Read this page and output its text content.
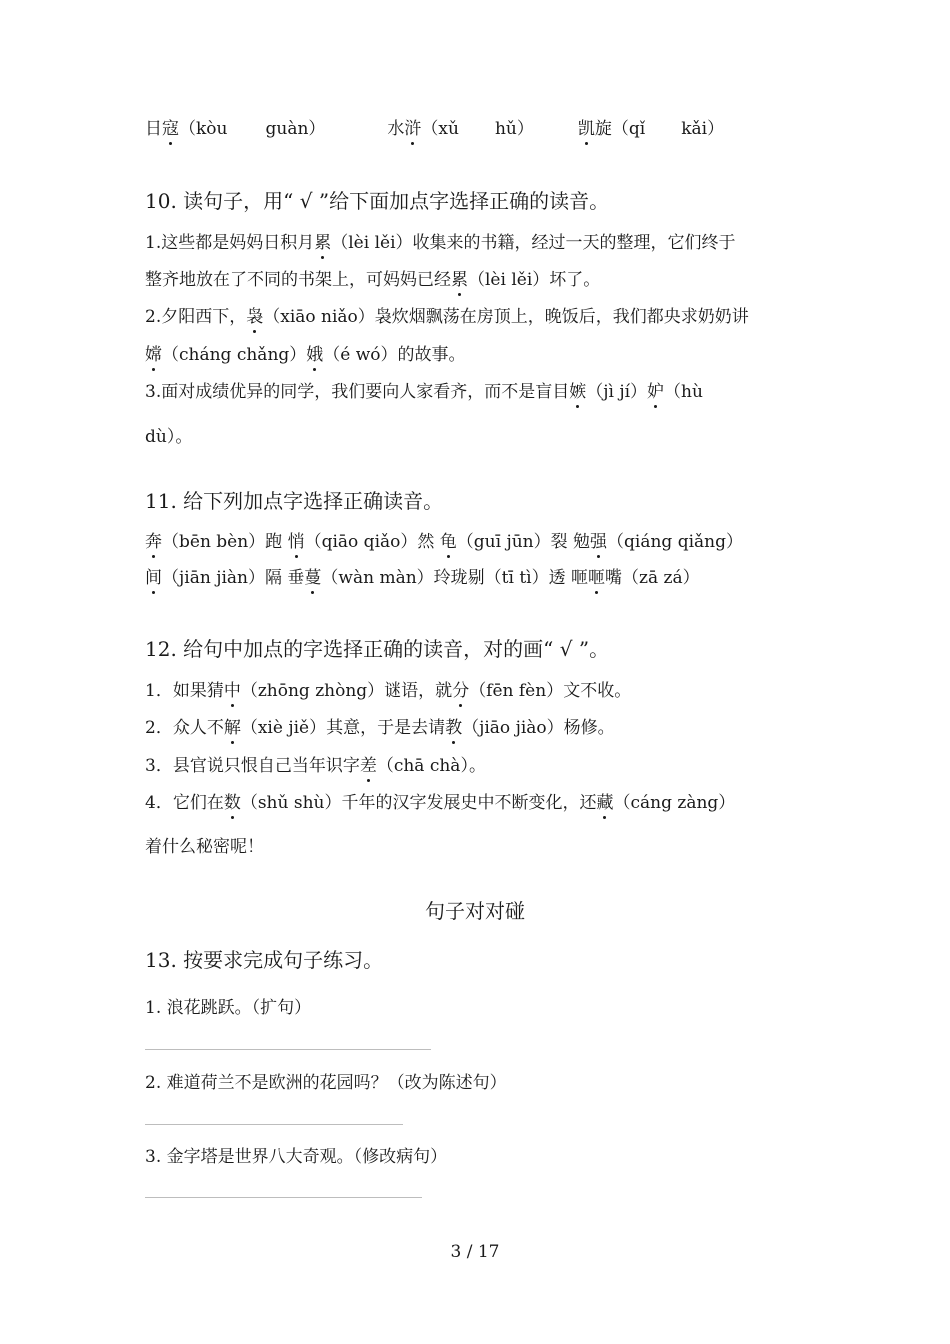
日寇（kòu guàn）	水浒（xǔ hǔ）	凯旋（qǐ kǎi）
10. 读句子，用“ √ ”给下面加点字选择正确的读音。
1.这些都是妈妈日积月累（lèi lěi）收集来的书籍，经过一天的整理，它们终于
整齐地放在了不同的书架上，可妈妈已经累（lèi lěi）坏了。
2.夕阳西下，袅（xiāo niǎo）袅炊烟飘荡在房顶上，晚饭后，我们都央求奶奶讲
嫦（cháng chǎng）娥（é wó）的故事。
3.面对成绩优异的同学，我们要向人家看齐，而不是盲目嫉（jì jí）妒（hù
dù）。
11. 给下列加点字选择正确读音。
奔（bēn bèn）跑 悄（qiāo qiǎo）然 龟（guī jūn）裂 勉强（qiáng qiǎng）
间（jiān jiàn）隔 垂蔓（wàn màn）玲珑剔（tī tì）透 咂咂嘴（zā zá）
12. 给句中加点的字选择正确的读音，对的画“ √ ”。
1．如果猜中（zhōng zhòng）谜语，就分（fēn fèn）文不收。
2．众人不解（xiè jiě）其意，于是去请教（jiāo jiào）杨修。
3．县官说只恨自己当年识字差（chā chà）。
4．它们在数（shǔ shù）千年的汉字发展史中不断变化，还藏（cáng zàng）
着什么秘密呢！
句子对对碰
13. 按要求完成句子练习。
1. 浪花跳跃。（扩句）
2. 难道荷兰不是欧洲的花园吗？（改为陈述句）
3. 金字塔是世界八大奇观。（修改病句）
3 / 17
